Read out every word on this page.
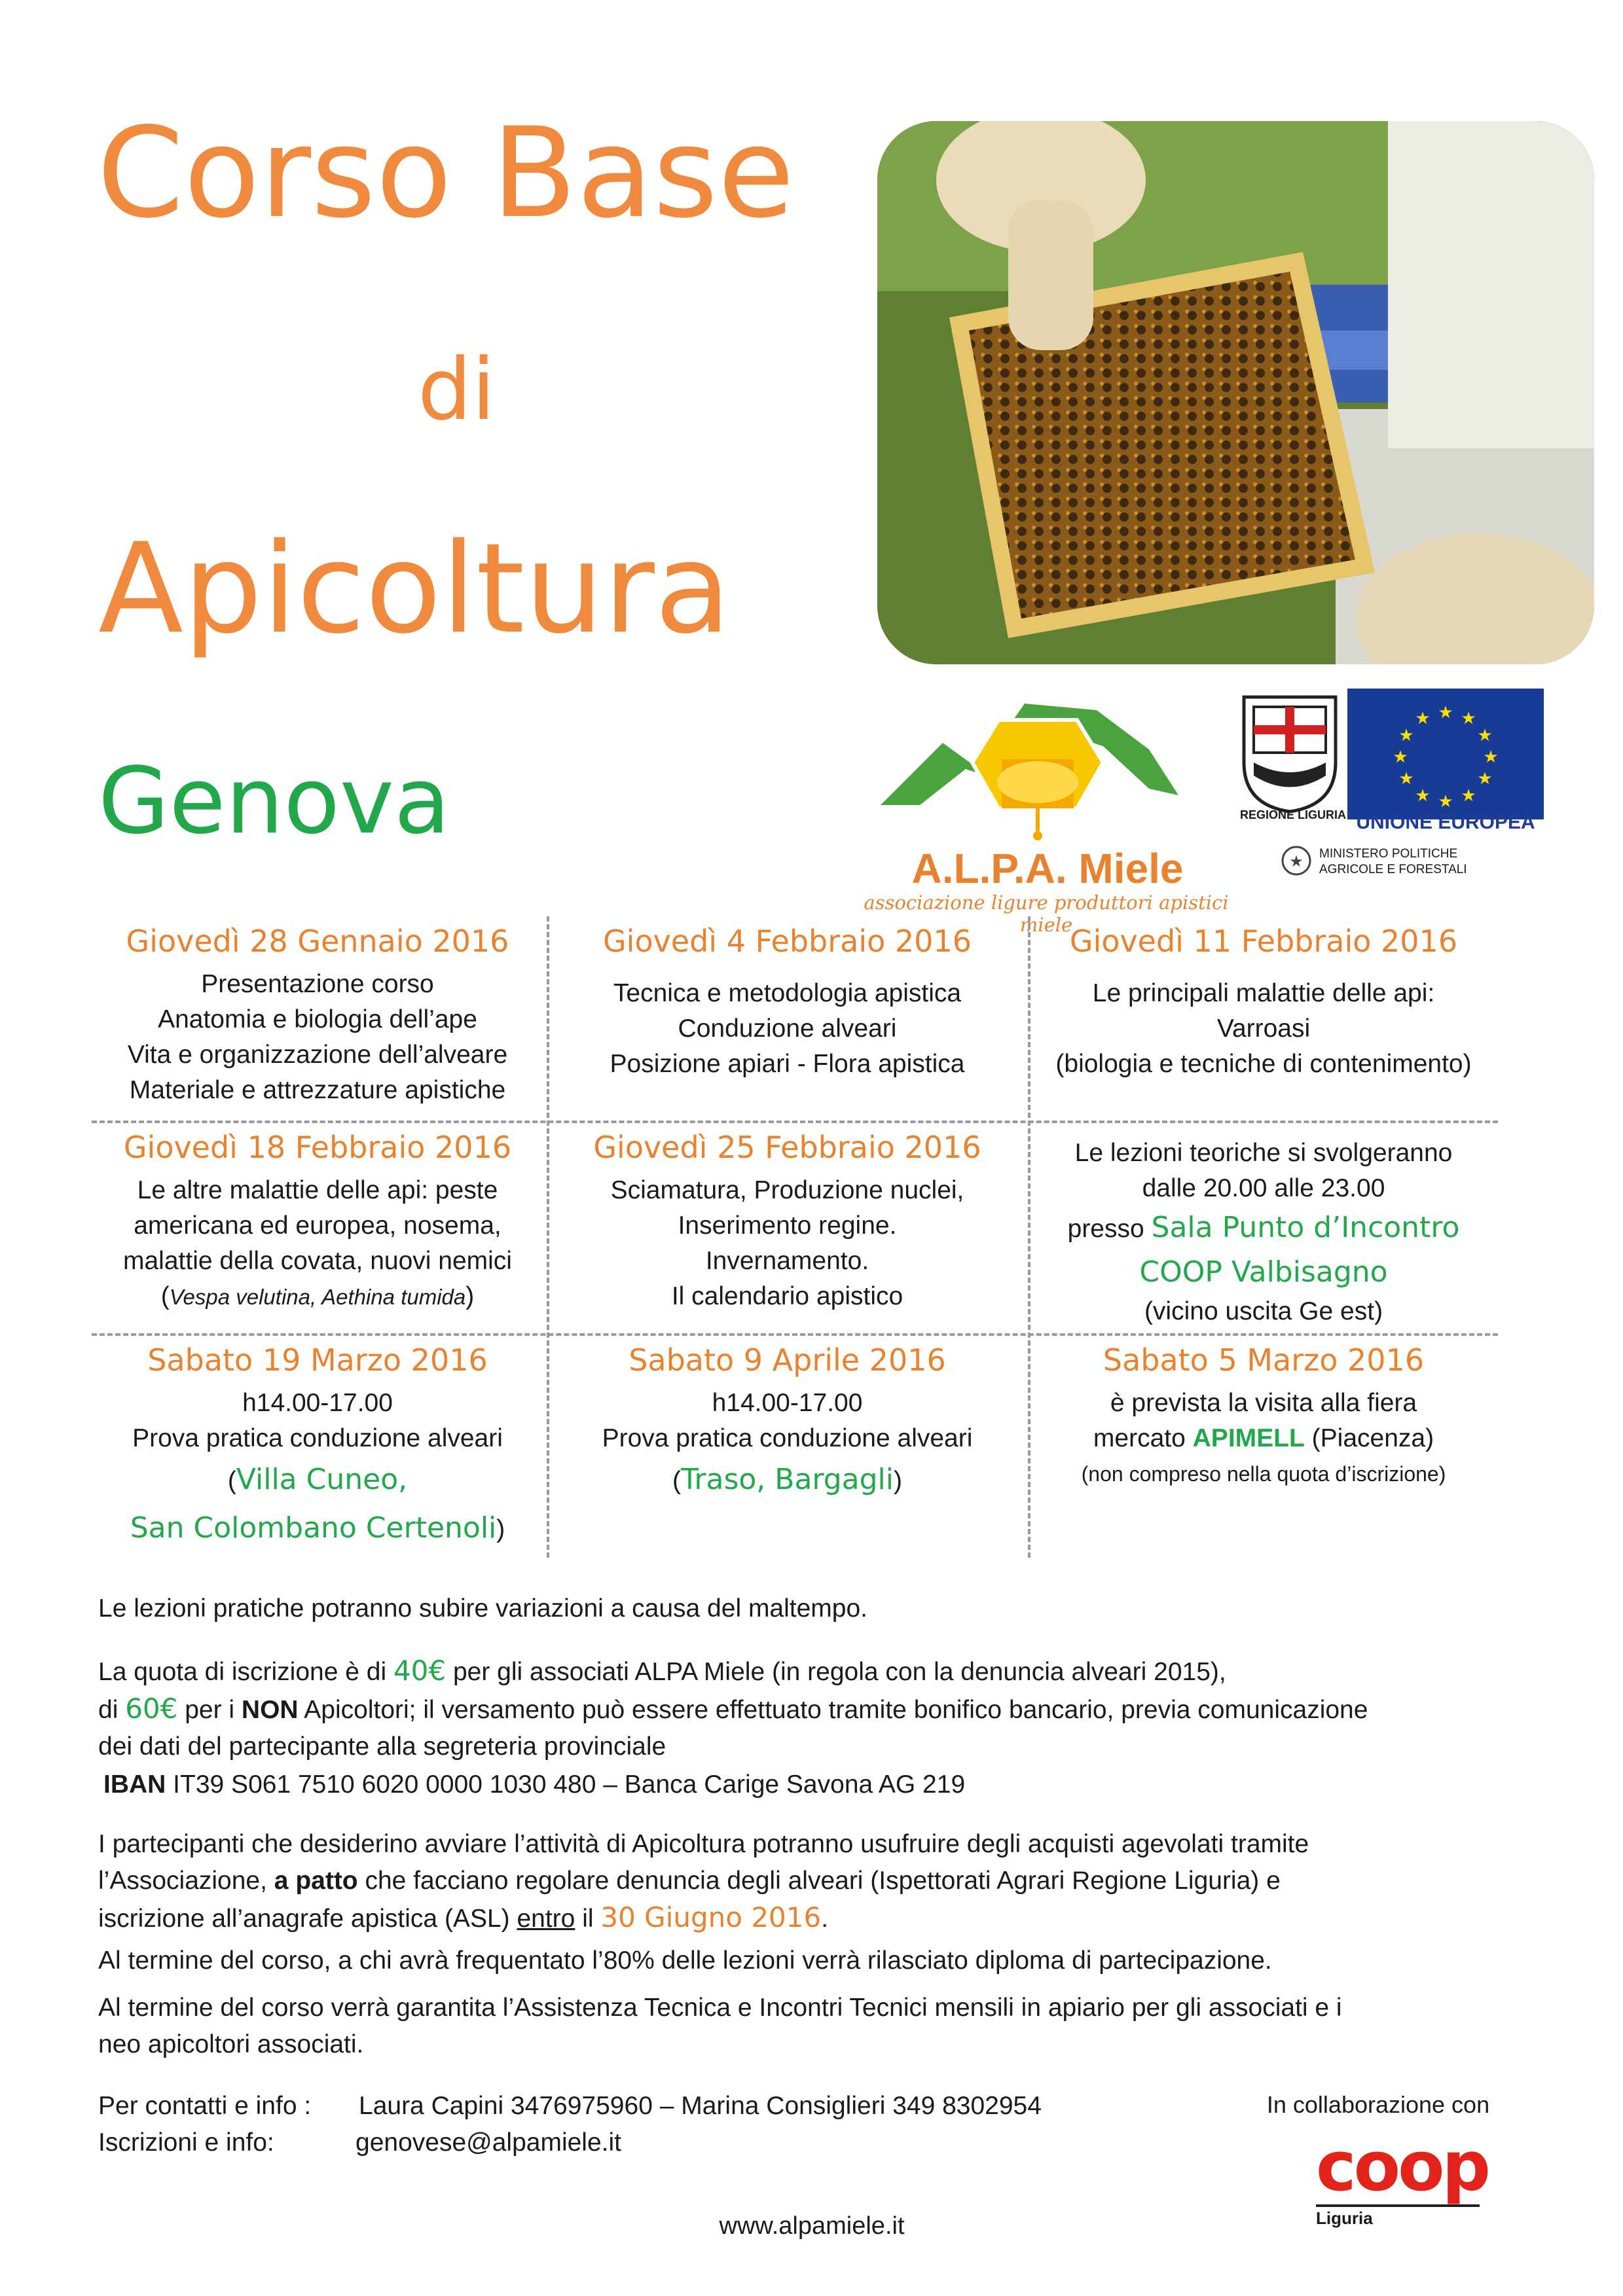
Corso Base
di
Apicoltura
Genova
A.L.P.A. Miele
associazione ligure produttori apistici miele
REGIONE LIGURIA
★ ★
★
★
★
★
★
★
★
★
★
★
UNIONE EUROPEA
★ MINISTERO POLITICHE
AGRICOLE E FORESTALI
Giovedì 28 Gennaio 2016
Presentazione corso
Anatomia e biologia dell’ape
Vita e organizzazione dell’alveare
Materiale e attrezzature apistiche
Giovedì 4 Febbraio 2016
Tecnica e metodologia apistica
Conduzione alveari
Posizione apiari - Flora apistica
Giovedì 11 Febbraio 2016
Le principali malattie delle api:
Varroasi
(biologia e tecniche di contenimento)
Giovedì 18 Febbraio 2016
Le altre malattie delle api: peste
americana ed europea, nosema,
malattie della covata, nuovi nemici
(Vespa velutina, Aethina tumida)
Giovedì 25 Febbraio 2016
Sciamatura, Produzione nuclei,
Inserimento regine.
Invernamento.
Il calendario apistico
Le lezioni teoriche si svolgeranno
dalle 20.00 alle 23.00
presso Sala Punto d’Incontro
COOP Valbisagno
(vicino uscita Ge est)
Sabato 19 Marzo 2016
h14.00-17.00
Prova pratica conduzione alveari
(Villa Cuneo,
San Colombano Certenoli)
Sabato 9 Aprile 2016
h14.00-17.00
Prova pratica conduzione alveari
(Traso, Bargagli)
Sabato 5 Marzo 2016
è prevista la visita alla fiera
mercato APIMELL (Piacenza)
(non compreso nella quota d’iscrizione)
Le lezioni pratiche potranno subire variazioni a causa del maltempo.
La quota di iscrizione è di 40€ per gli associati ALPA Miele (in regola con la denuncia alveari 2015),
di 60€ per i NON Apicoltori; il versamento può essere effettuato tramite bonifico bancario, previa comunicazione
dei dati del partecipante alla segreteria provinciale
IBAN IT39 S061 7510 6020 0000 1030 480 – Banca Carige Savona AG 219
I partecipanti che desiderino avviare l’attività di Apicoltura potranno usufruire degli acquisti agevolati tramite
l’Associazione, a patto che facciano regolare denuncia degli alveari (Ispettorati Agrari Regione Liguria) e
iscrizione all’anagrafe apistica (ASL) entro il 30 Giugno 2016.
Al termine del corso, a chi avrà frequentato l’80% delle lezioni verrà rilasciato diploma di partecipazione.
Al termine del corso verrà garantita l’Assistenza Tecnica e Incontri Tecnici mensili in apiario per gli associati e i
neo apicoltori associati.
Per contatti e info : Laura Capini 3476975960 – Marina Consiglieri 349 8302954
Iscrizioni e info:	genovese@alpamiele.it
In collaborazione con
coop
Liguria
www.alpamiele.it
